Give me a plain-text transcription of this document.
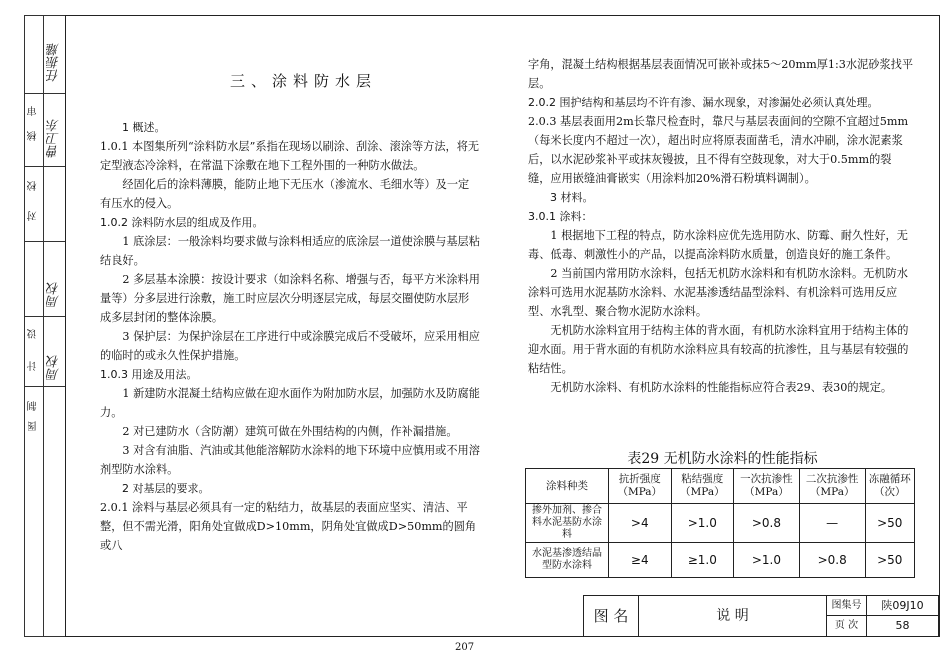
任振耀
审
核 曹卫东
校
对
周权
设
计 周权
制
图
三、涂料防水层

1 概述。

1.0.1 本图集所列“涂料防水层”系指在现场以刷涂、刮涂、滚涂等方法，将无定型液态冷涂料，在常温下涂敷在地下工程外围的一种防水做法。

经固化后的涂料薄膜，能防止地下无压水（渗流水、毛细水等）及一定有压水的侵入。

1.0.2 涂料防水层的组成及作用。

1 底涂层：一般涂料均要求做与涂料相适应的底涂层一道使涂膜与基层粘结良好。

2 多层基本涂膜：按设计要求（如涂料名称、增强与否，每平方米涂料用量等）分多层进行涂敷，施工时应层次分明逐层完成，每层交圈使防水层形成多层封闭的整体涂膜。

3 保护层：为保护涂层在工序进行中或涂膜完成后不受破坏，应采用相应的临时的或永久性保护措施。

1.0.3 用途及用法。

1 新建防水混凝土结构应做在迎水面作为附加防水层，加强防水及防腐能力。

2 对已建防水（含防潮）建筑可做在外围结构的内侧，作补漏措施。

3 对含有油脂、汽油或其他能溶解防水涂料的地下环境中应慎用或不用溶剂型防水涂料。

2 对基层的要求。

2.0.1 涂料与基层必须具有一定的粘结力，故基层的表面应坚实、清洁、平整，但不需光滑，阳角处宜做成D>10mm，阴角处宜做成D>50mm的圆角或八

字角，混凝土结构根据基层表面情况可嵌补或抹5～20mm厚1:3水泥砂浆找平层。

2.0.2 围护结构和基层均不许有渗、漏水现象，对渗漏处必须认真处理。

2.0.3 基层表面用2m长靠尺检查时，靠尺与基层表面间的空隙不宜超过5mm（每米长度内不超过一次），超出时应将原表面凿毛，清水冲刷，涂水泥素浆后，以水泥砂浆补平或抹灰镘披，且不得有空鼓现象，对大于0.5mm的裂缝，应用嵌缝油膏嵌实（用涂料加20%滑石粉填料调制）。

3 材料。

3.0.1 涂料：

1 根据地下工程的特点，防水涂料应优先选用防水、防霉、耐久性好，无毒、低毒、刺激性小的产品，以提高涂料防水质量，创造良好的施工条件。

2 当前国内常用防水涂料，包括无机防水涂料和有机防水涂料。无机防水涂料可选用水泥基防水涂料、水泥基渗透结晶型涂料、有机涂料可选用反应型、水乳型、聚合物水泥防水涂料。

无机防水涂料宜用于结构主体的背水面，有机防水涂料宜用于结构主体的迎水面。用于背水面的有机防水涂料应具有较高的抗渗性，且与基层有较强的粘结性。

无机防水涂料、有机防水涂料的性能指标应符合表29、表30的规定。

表29 无机防水涂料的性能指标

涂料种类	抗折强度（MPa）	粘结强度（MPa）	一次抗渗性（MPa）	二次抗渗性（MPa）	冻融循环（次）
掺外加剂、掺合料水泥基防水涂料	>4	>1.0	>0.8	—	>50
水泥基渗透结晶型防水涂料	≥4	≥1.0	>1.0	>0.8	>50
图 名	说 明
图集号	陕09J10
页 次	58
207
